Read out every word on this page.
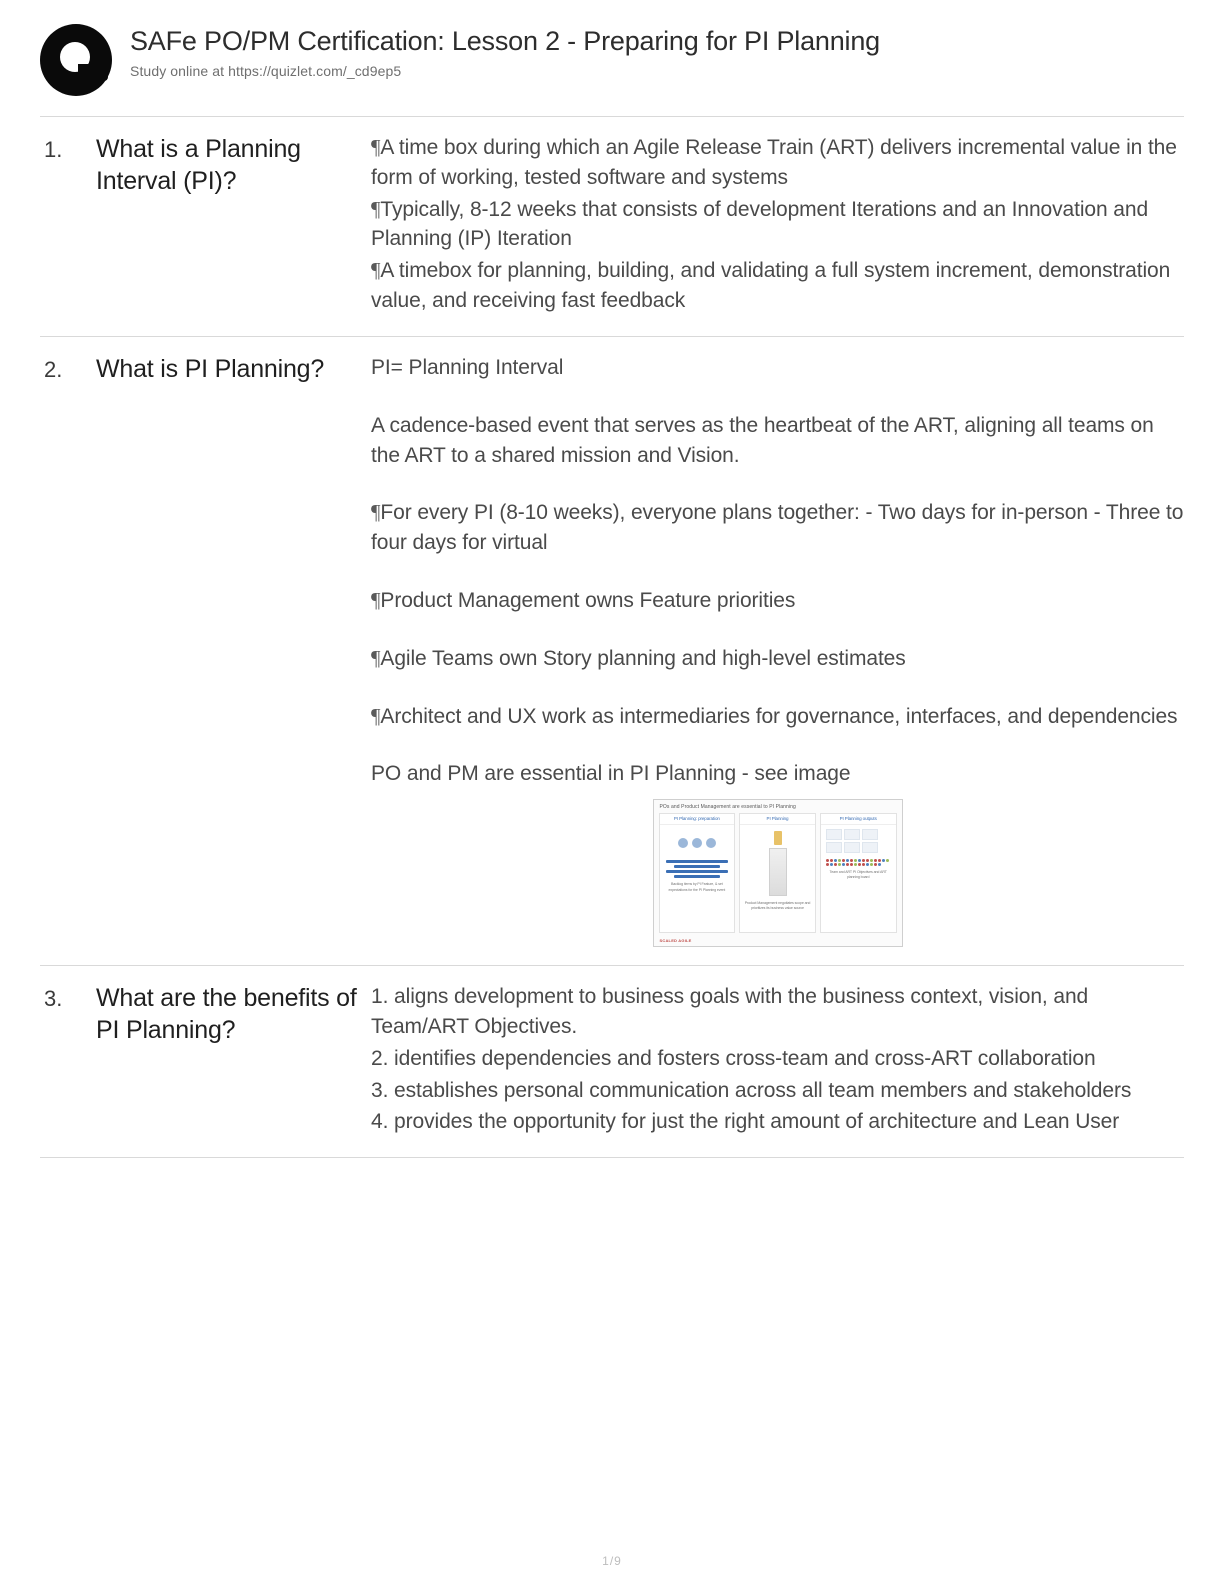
SAFe PO/PM Certification: Lesson 2 - Preparing for PI Planning
Study online at https://quizlet.com/_cd9ep5
1.	What is a Planning Interval (PI)?

¶A time box during which an Agile Release Train (ART) delivers incremental value in the form of working, tested software and systems

¶Typically, 8-12 weeks that consists of development Iterations and an Innovation and Planning (IP) Iteration

¶A timebox for planning, building, and validating a full system increment, demonstration value, and receiving fast feedback

2.	What is PI Planning?	PI= Planning Interval

A cadence-based event that serves as the heartbeat of the ART, aligning all teams on the ART to a shared mission and Vision.

¶For every PI (8-10 weeks), everyone plans together: - Two days for in-person - Three to four days for virtual

¶Product Management owns Feature priorities

¶Agile Teams own Story planning and high-level estimates

¶Architect and UX work as intermediaries for governance, interfaces, and dependencies

PO and PM are essential in PI Planning - see image

POs and Product Management are essential to PI Planning
PI Planning: preparation
Backlog items by PI Feature, & set expectations for the PI Planning event
PI Planning
Product Management negotiates scope and prioritizes its business value source
PI Planning outputs
Team and ART PI Objectives and ART planning board
SCALED AGILE
3.	What are the benefits of PI Planning?

1. aligns development to business goals with the business context, vision, and Team/ART Objectives.

2. identifies dependencies and fosters cross-team and cross-ART collaboration

3. establishes personal communication across all team members and stakeholders

4. provides the opportunity for just the right amount of architecture and Lean User

1/9
